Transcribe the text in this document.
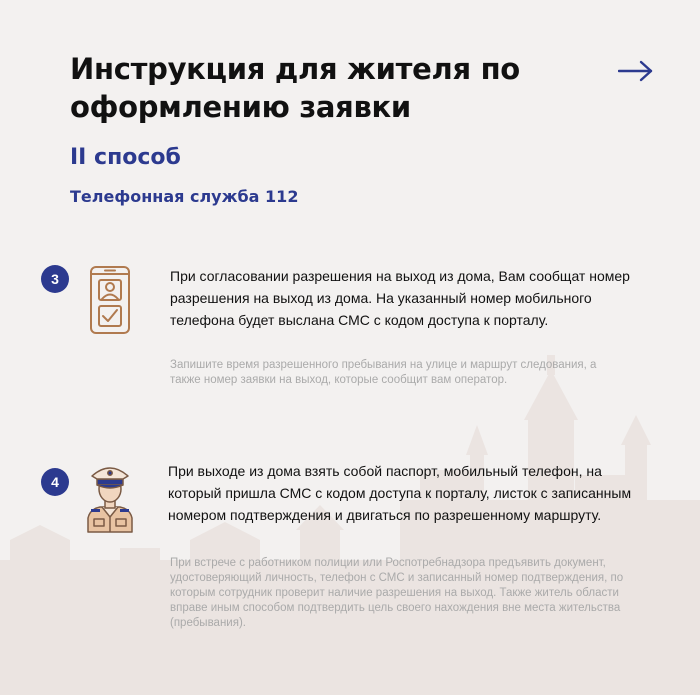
Инструкция для жителя по оформлению заявки
II способ
Телефонная служба 112
3	При согласовании разрешения на выход из дома, Вам сообщат номер разрешения на выход из дома. На указанный номер мобильного телефона будет выслана СМС с кодом доступа к порталу.

Запишите время разрешенного пребывания на улице и маршрут следования, а также номер заявки на выход, которые сообщит вам оператор.

4

При выходе из дома взять собой паспорт, мобильный телефон, на который пришла СМС с кодом доступа к порталу, листок с записанным номером подтверждения и двигаться по разрешенному маршруту.

При встрече с работником полиции или Роспотребнадзора предъявить документ, удостоверяющий личность, телефон с СМС и записанный номер подтверждения, по которым сотрудник проверит наличие разрешения на выход. Также житель области вправе иным способом подтвердить цель своего нахождения вне места жительства (пребывания).
